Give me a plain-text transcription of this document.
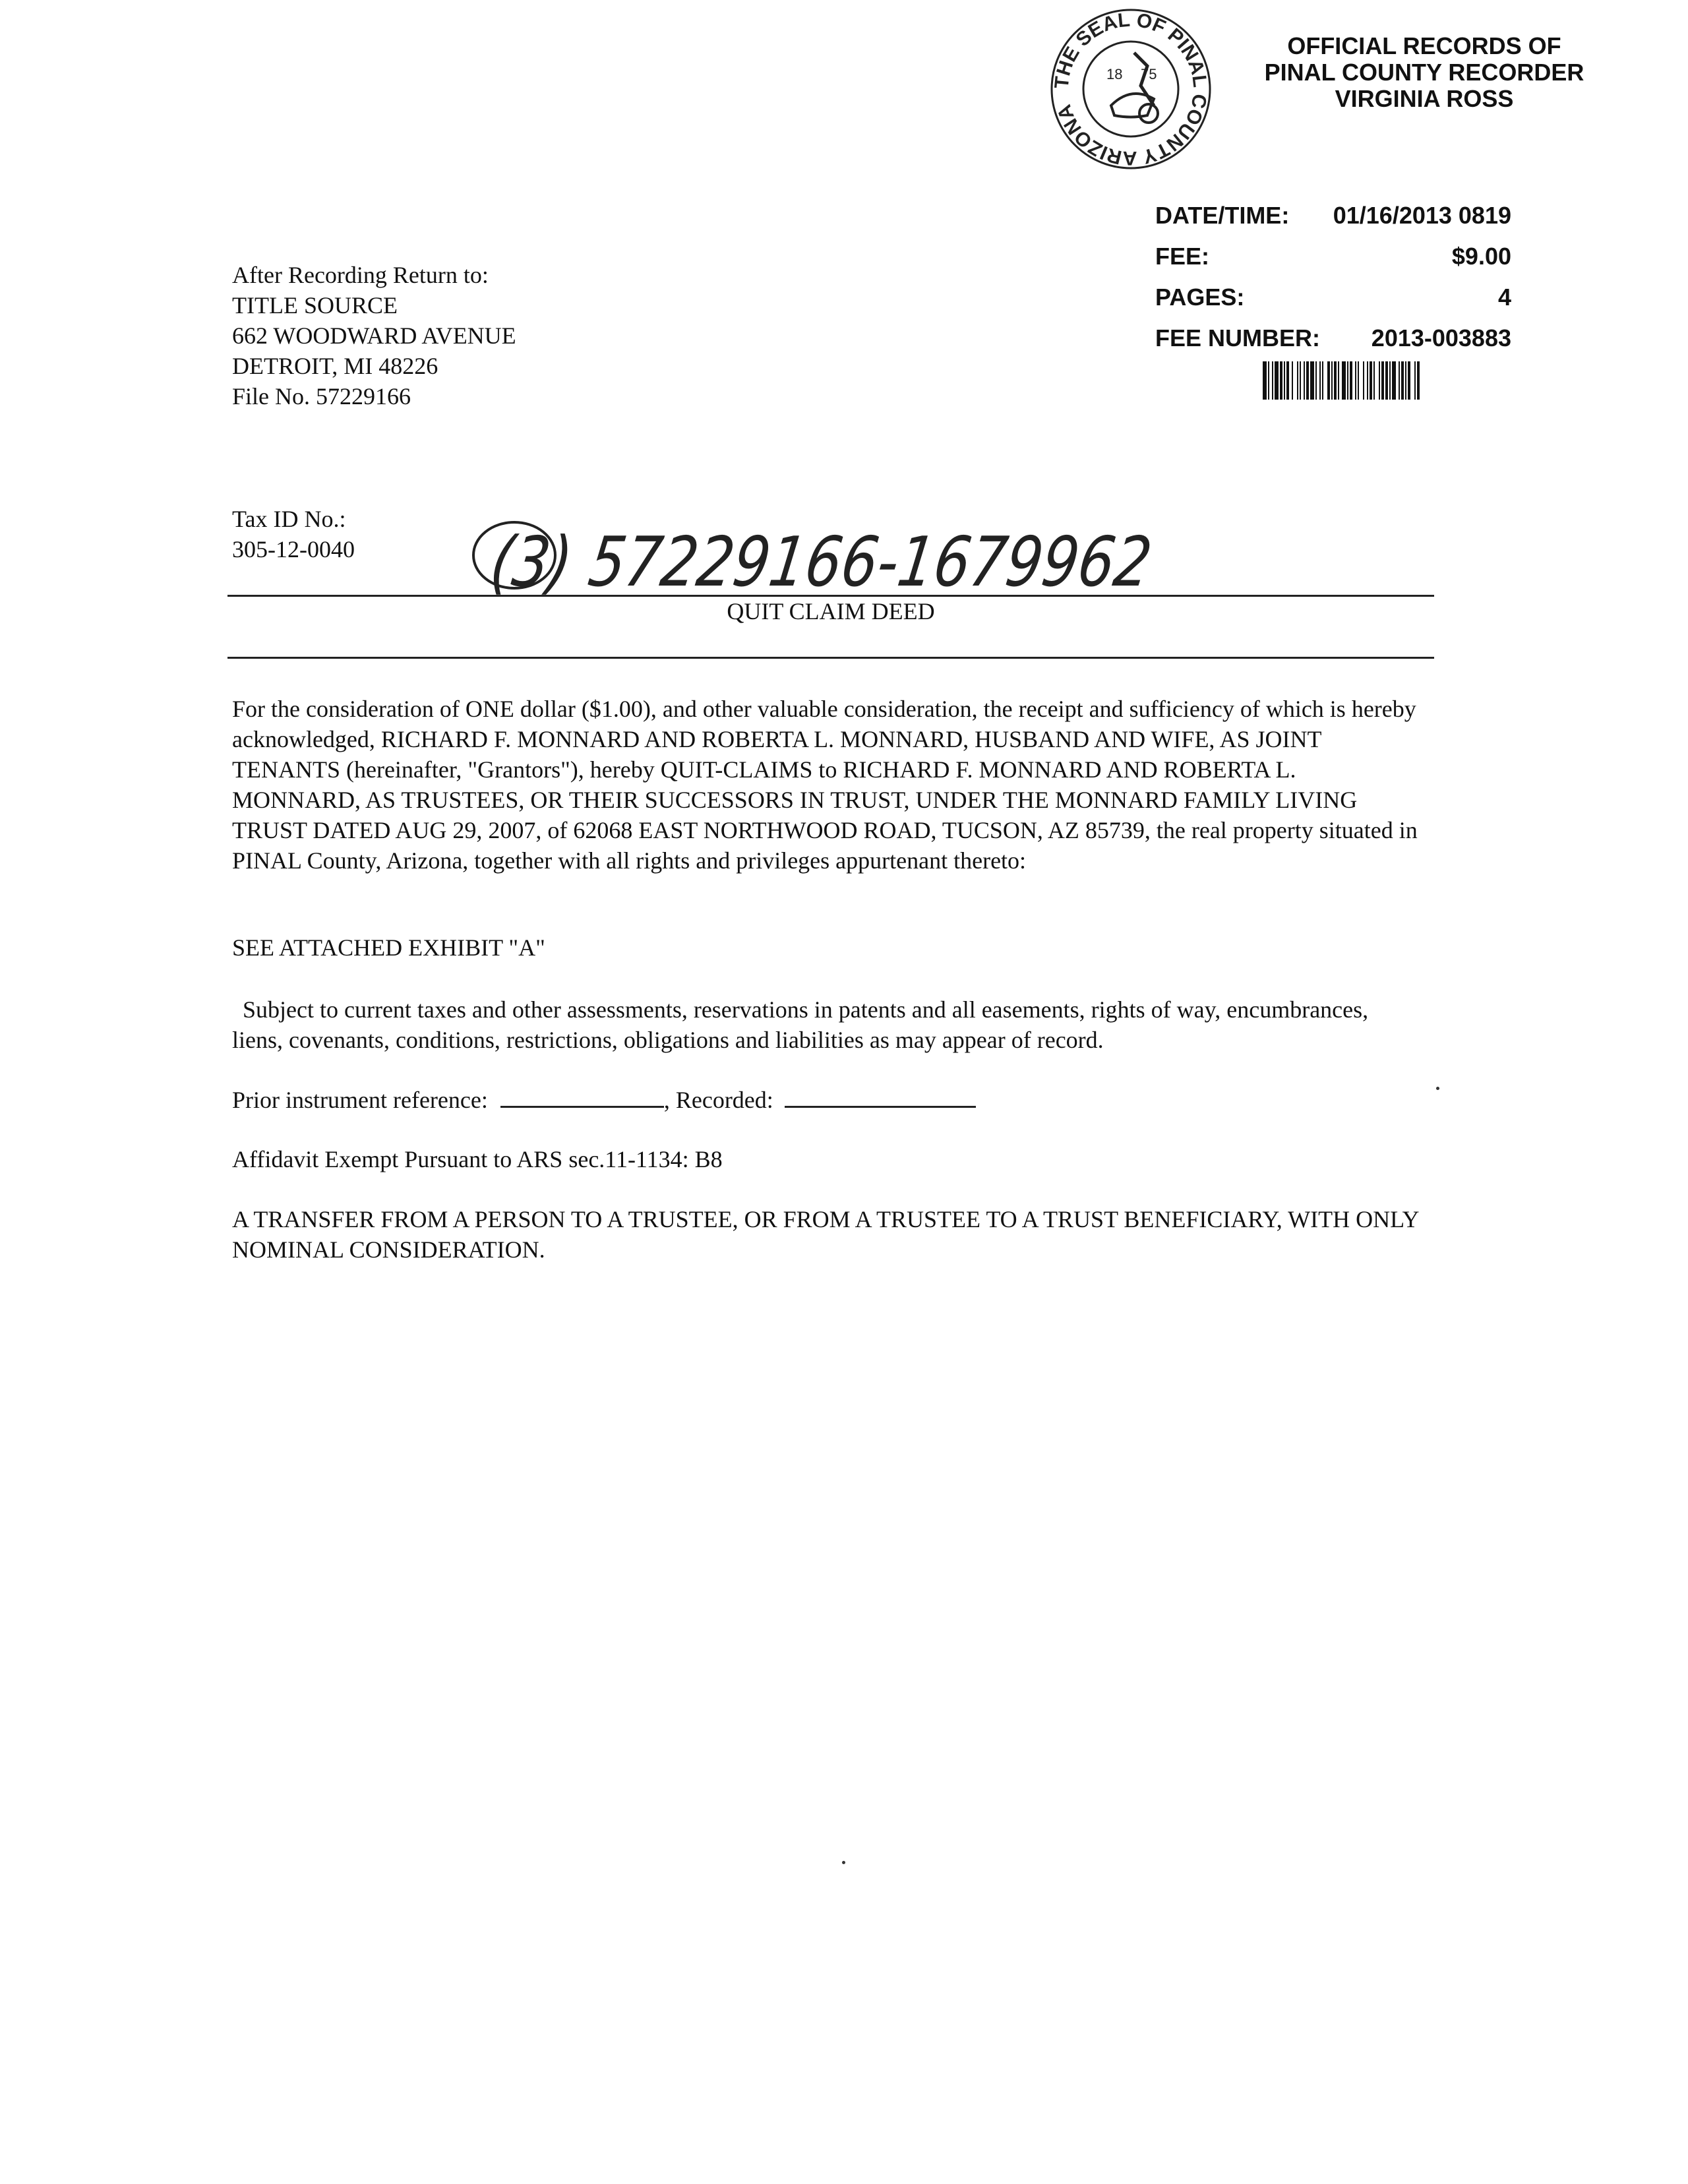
THE SEAL OF PINAL COUNTY ARIZONA
18 75
OFFICIAL RECORDS OF
PINAL COUNTY RECORDER
VIRGINIA ROSS
DATE/TIME: 01/16/2013 0819
FEE:	$9.00
PAGES:	4
FEE NUMBER: 2013-003883
After Recording Return to:
TITLE SOURCE
662 WOODWARD AVENUE
DETROIT, MI 48226
File No. 57229166
Tax ID No.:
305-12-0040	(3) 57229166-1679962
QUIT CLAIM DEED
For the consideration of ONE dollar ($1.00), and other valuable consideration, the receipt and sufficiency of which is hereby acknowledged, RICHARD F. MONNARD AND ROBERTA L. MONNARD, HUSBAND AND WIFE, AS JOINT TENANTS (hereinafter, "Grantors"), hereby QUIT-CLAIMS to RICHARD F. MONNARD AND ROBERTA L. MONNARD, AS TRUSTEES, OR THEIR SUCCESSORS IN TRUST, UNDER THE MONNARD FAMILY LIVING TRUST DATED AUG 29, 2007, of 62068 EAST NORTHWOOD ROAD, TUCSON, AZ 85739, the real property situated in PINAL County, Arizona, together with all rights and privileges appurtenant thereto:
SEE ATTACHED EXHIBIT "A"
Subject to current taxes and other assessments, reservations in patents and all easements, rights of way, encumbrances, liens, covenants, conditions, restrictions, obligations and liabilities as may appear of record.
Prior instrument reference:	, Recorded:
Affidavit Exempt Pursuant to ARS sec.11-1134: B8
A TRANSFER FROM A PERSON TO A TRUSTEE, OR FROM A TRUSTEE TO A TRUST BENEFICIARY, WITH ONLY NOMINAL CONSIDERATION.
